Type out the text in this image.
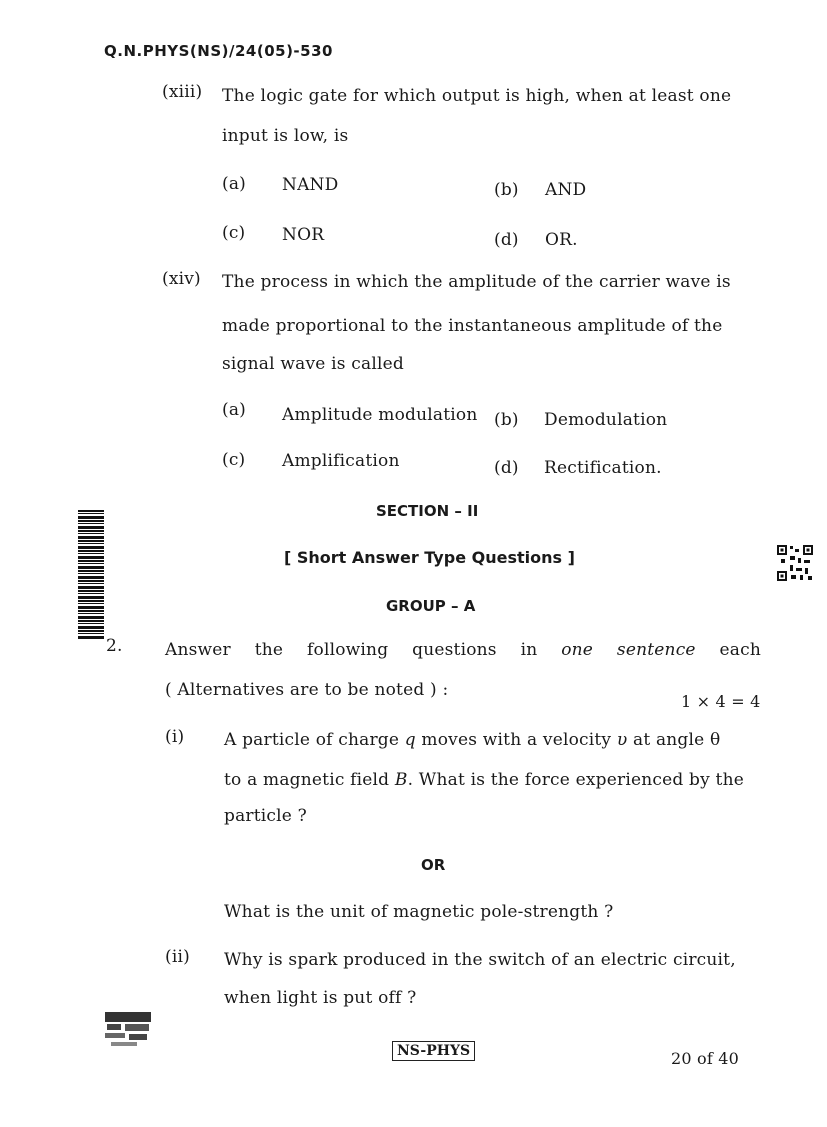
Q.N.PHYS(NS)/24(05)-530
(xiii) The logic gate for which output is high, when at least one
input is low, is
(a) NAND	(b) AND
(c) NOR	(d) OR.
(xiv) The process in which the amplitude of the carrier wave is
made proportional to the instantaneous amplitude of the
signal wave is called
(a) Amplitude modulation (b) Demodulation
(c) Amplification	(d) Rectification.
SECTION – II
[ Short Answer Type Questions ]
GROUP – A
2. Answer the following questions in one sentence each
( Alternatives are to be noted ) :
1 × 4 = 4
(i) A particle of charge q moves with a velocity υ at angle θ
to a magnetic field B. What is the force experienced by the
particle ?
OR
What is the unit of magnetic pole-strength ?
(ii) Why is spark produced in the switch of an electric circuit,
when light is put off ?
NS-PHYS	20 of 40
